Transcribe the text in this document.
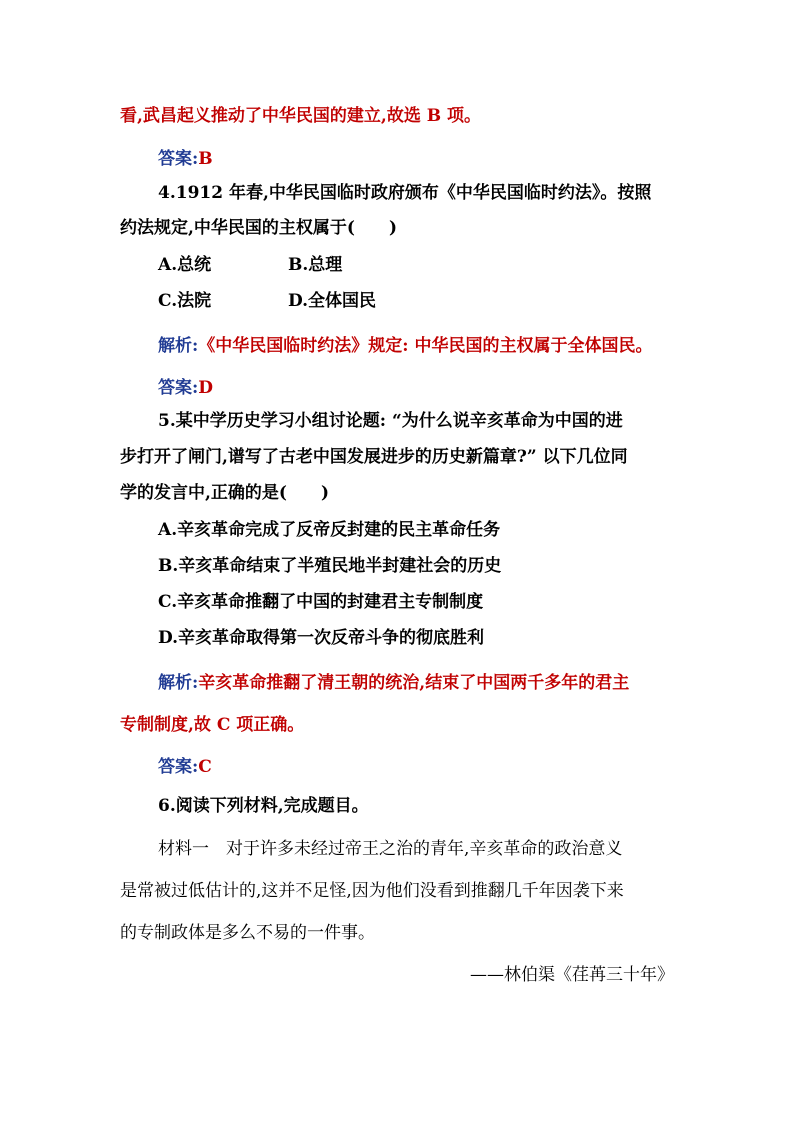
看,武昌起义推动了中华民国的建立,故选 B 项。
答案:B
4.1912 年春,中华民国临时政府颁布《中华民国临时约法》。按照
约法规定,中华民国的主权属于(　　)
A.总统	B.总理
C.法院	D.全体国民
解析:《中华民国临时约法》规定: 中华民国的主权属于全体国民。
答案:D
5.某中学历史学习小组讨论题: “为什么说辛亥革命为中国的进
步打开了闸门,谱写了古老中国发展进步的历史新篇章?” 以下几位同
学的发言中,正确的是(　　)
A.辛亥革命完成了反帝反封建的民主革命任务
B.辛亥革命结束了半殖民地半封建社会的历史
C.辛亥革命推翻了中国的封建君主专制制度
D.辛亥革命取得第一次反帝斗争的彻底胜利
解析:辛亥革命推翻了清王朝的统治,结束了中国两千多年的君主
专制制度,故 C 项正确。
答案:C
6.阅读下列材料,完成题目。
材料一　对于许多未经过帝王之治的青年,辛亥革命的政治意义
是常被过低估计的,这并不足怪,因为他们没看到推翻几千年因袭下来
的专制政体是多么不易的一件事。
——林伯渠《荏苒三十年》
